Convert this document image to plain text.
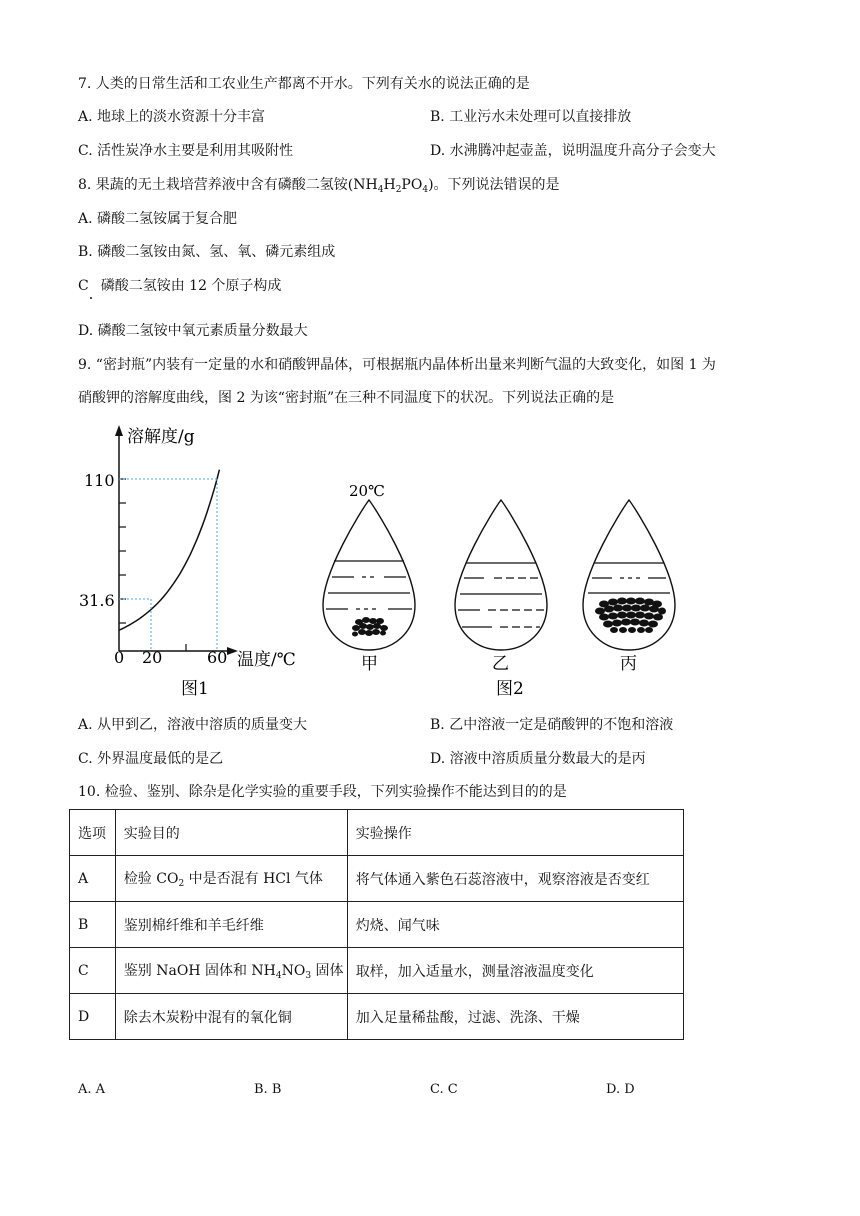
7. 人类的日常生活和工农业生产都离不开水。下列有关水的说法正确的是
A. 地球上的淡水资源十分丰富	B. 工业污水未处理可以直接排放
C. 活性炭净水主要是利用其吸附性	D. 水沸腾冲起壶盖，说明温度升高分子会变大
8. 果蔬的无土栽培营养液中含有磷酸二氢铵$(NH_4H_2PO_4)$。下列说法错误的是
A. 磷酸二氢铵属于复合肥
B. 磷酸二氢铵由氮、氢、氧、磷元素组成
C 磷酸二氢铵由 12 个原子构成
D. 磷酸二氢铵中氧元素质量分数最大
9. “密封瓶”内装有一定量的水和硝酸钾晶体，可根据瓶内晶体析出量来判断气温的大致变化，如图 1 为
硝酸钾的溶解度曲线，图 2 为该“密封瓶”在三种不同温度下的状况。下列说法正确的是
溶解度/g
110
31.6
0 20	60 温度/℃
图1
20℃
甲	乙	丙
图2
A. 从甲到乙，溶液中溶质的质量变大	B. 乙中溶液一定是硝酸钾的不饱和溶液
C. 外界温度最低的是乙	D. 溶液中溶质质量分数最大的是丙
10. 检验、鉴别、除杂是化学实验的重要手段，下列实验操作不能达到目的的是
选项	实验目的	实验操作
A	检验 $CO_2$ 中是否混有 HCl 气体	将气体通入紫色石蕊溶液中，观察溶液是否变红
B	鉴别棉纤维和羊毛纤维	灼烧、闻气味
C	鉴别 NaOH 固体和 $NH_4NO_3$ 固体	取样，加入适量水，测量溶液温度变化
D	除去木炭粉中混有的氧化铜	加入足量稀盐酸，过滤、洗涤、干燥
A. A	B. B	C. C	D. D
